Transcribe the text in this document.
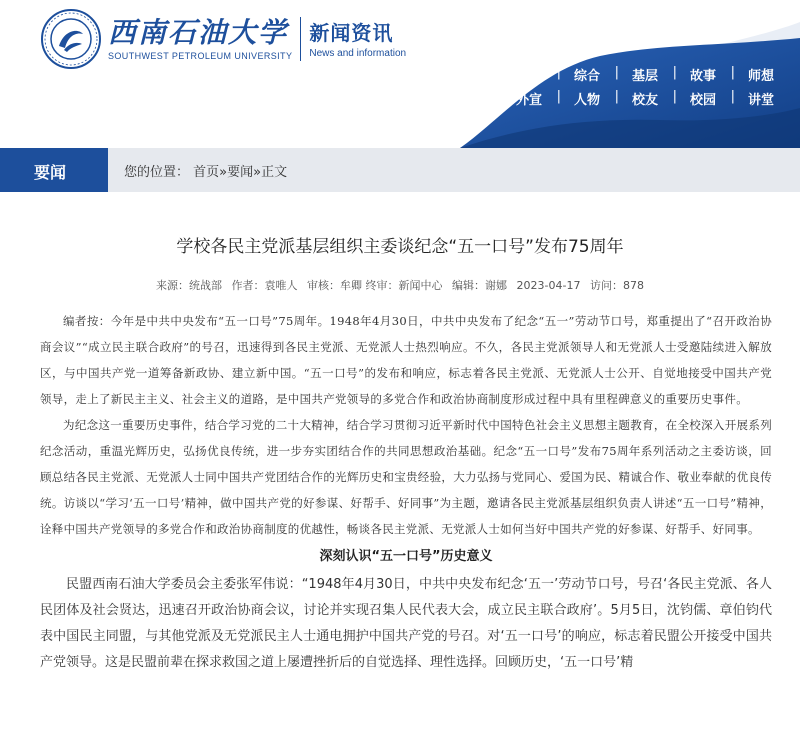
西南石油大学
SOUTHWEST PETROLEUM UNIVERSITY
新闻资讯
News and information
要闻 |	综合 |	基层 |	故事 |	师想
外宣 |	人物 |	校友 |	校园 |	讲堂
要闻	您的位置： 首页»要闻»正文
学校各民主党派基层组织主委谈纪念“五一口号”发布75周年
来源：统战部 作者：袁唯人 审核：牟卿 终审：新闻中心 编辑：谢娜 2023-04-17 访问：878

编者按：今年是中共中央发布“五一口号”75周年。1948年4月30日，中共中央发布了纪念“五一”劳动节口号，郑重提出了“召开政治协商会议”“成立民主联合政府”的号召，迅速得到各民主党派、无党派人士热烈响应。不久，各民主党派领导人和无党派人士受邀陆续进入解放区，与中国共产党一道筹备新政协、建立新中国。“五一口号”的发布和响应，标志着各民主党派、无党派人士公开、自觉地接受中国共产党领导，走上了新民主主义、社会主义的道路，是中国共产党领导的多党合作和政治协商制度形成过程中具有里程碑意义的重要历史事件。

为纪念这一重要历史事件，结合学习党的二十大精神，结合学习贯彻习近平新时代中国特色社会主义思想主题教育，在全校深入开展系列纪念活动，重温光辉历史，弘扬优良传统，进一步夯实团结合作的共同思想政治基础。纪念“五一口号”发布75周年系列活动之主委访谈，回顾总结各民主党派、无党派人士同中国共产党团结合作的光辉历史和宝贵经验，大力弘扬与党同心、爱国为民、精诚合作、敬业奉献的优良传统。访谈以“学习‘五一口号’精神，做中国共产党的好参谋、好帮手、好同事”为主题，邀请各民主党派基层组织负责人讲述“五一口号”精神，诠释中国共产党领导的多党合作和政治协商制度的优越性，畅谈各民主党派、无党派人士如何当好中国共产党的好参谋、好帮手、好同事。

深刻认识“五一口号”历史意义

民盟西南石油大学委员会主委张军伟说：“1948年4月30日，中共中央发布纪念‘五一’劳动节口号，号召‘各民主党派、各人民团体及社会贤达，迅速召开政治协商会议，讨论并实现召集人民代表大会，成立民主联合政府’。5月5日，沈钧儒、章伯钧代表中国民主同盟，与其他党派及无党派民主人士通电拥护中国共产党的号召。对‘五一口号’的响应，标志着民盟公开接受中国共产党领导。这是民盟前辈在探求救国之道上屡遭挫折后的自觉选择、理性选择。回顾历史，‘五一口号’精
